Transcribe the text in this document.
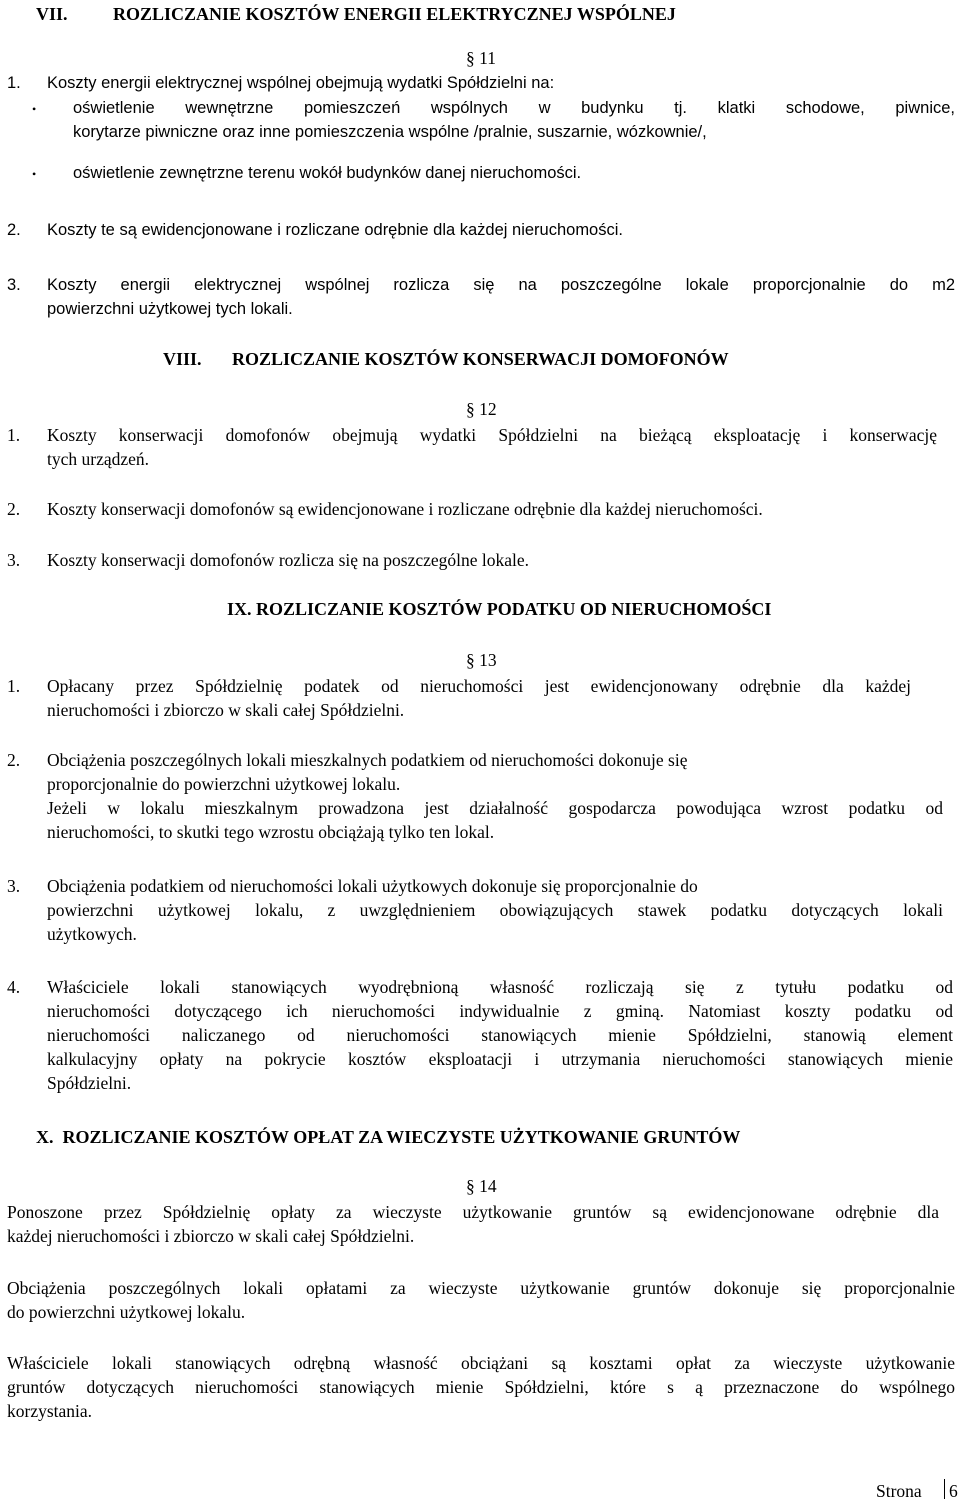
VII.	ROZLICZANIE KOSZTÓW ENERGII ELEKTRYCZNEJ WSPÓLNEJ
§ 11
1. Koszty energii elektrycznej wspólnej obejmują wydatki Spółdzielni na:
• oświetlenie wewnętrzne pomieszczeń wspólnych w budynku tj. klatki schodowe, piwnice,
korytarze piwniczne oraz inne pomieszczenia wspólne /pralnie, suszarnie, wózkownie/,
• oświetlenie zewnętrzne terenu wokół budynków danej nieruchomości.
2. Koszty te są ewidencjonowane i rozliczane odrębnie dla każdej nieruchomości.
3. Koszty energii elektrycznej wspólnej rozlicza się na poszczególne lokale proporcjonalnie do m2
powierzchni użytkowej tych lokali.
VIII. ROZLICZANIE KOSZTÓW KONSERWACJI DOMOFONÓW
§ 12
1. Koszty konserwacji domofonów obejmują wydatki Spółdzielni na bieżącą eksploatację i konserwację
tych urządzeń.
2. Koszty konserwacji domofonów są ewidencjonowane i rozliczane odrębnie dla każdej nieruchomości.
3. Koszty konserwacji domofonów rozlicza się na poszczególne lokale.
IX. ROZLICZANIE KOSZTÓW PODATKU OD NIERUCHOMOŚCI
§ 13
1. Opłacany przez Spółdzielnię podatek od nieruchomości jest ewidencjonowany odrębnie dla każdej
nieruchomości i zbiorczo w skali całej Spółdzielni.
2. Obciążenia poszczególnych lokali mieszkalnych podatkiem od nieruchomości dokonuje się
proporcjonalnie do powierzchni użytkowej lokalu.
Jeżeli w lokalu mieszkalnym prowadzona jest działalność gospodarcza powodująca wzrost podatku od
nieruchomości, to skutki tego wzrostu obciążają tylko ten lokal.
3. Obciążenia podatkiem od nieruchomości lokali użytkowych dokonuje się proporcjonalnie do
powierzchni użytkowej lokalu, z uwzględnieniem obowiązujących stawek podatku dotyczących lokali
użytkowych.
4. Właściciele lokali stanowiących wyodrębnioną własność rozliczają się z tytułu podatku od
nieruchomości dotyczącego ich nieruchomości indywidualnie z gminą. Natomiast koszty podatku od
nieruchomości naliczanego od nieruchomości stanowiących mienie Spółdzielni, stanowią element
kalkulacyjny opłaty na pokrycie kosztów eksploatacji i utrzymania nieruchomości stanowiących mienie
Spółdzielni.
X.  ROZLICZANIE KOSZTÓW OPŁAT ZA WIECZYSTE UŻYTKOWANIE GRUNTÓW
§ 14
Ponoszone przez Spółdzielnię opłaty za wieczyste użytkowanie gruntów są ewidencjonowane odrębnie dla
każdej nieruchomości i zbiorczo w skali całej Spółdzielni.
Obciążenia poszczególnych lokali opłatami za wieczyste użytkowanie gruntów dokonuje się proporcjonalnie
do powierzchni użytkowej lokalu.
Właściciele lokali stanowiących odrębną własność obciążani są kosztami opłat za wieczyste użytkowanie
gruntów dotyczących nieruchomości stanowiących mienie Spółdzielni, które s ą przeznaczone do wspólnego
korzystania.
Strona 6
